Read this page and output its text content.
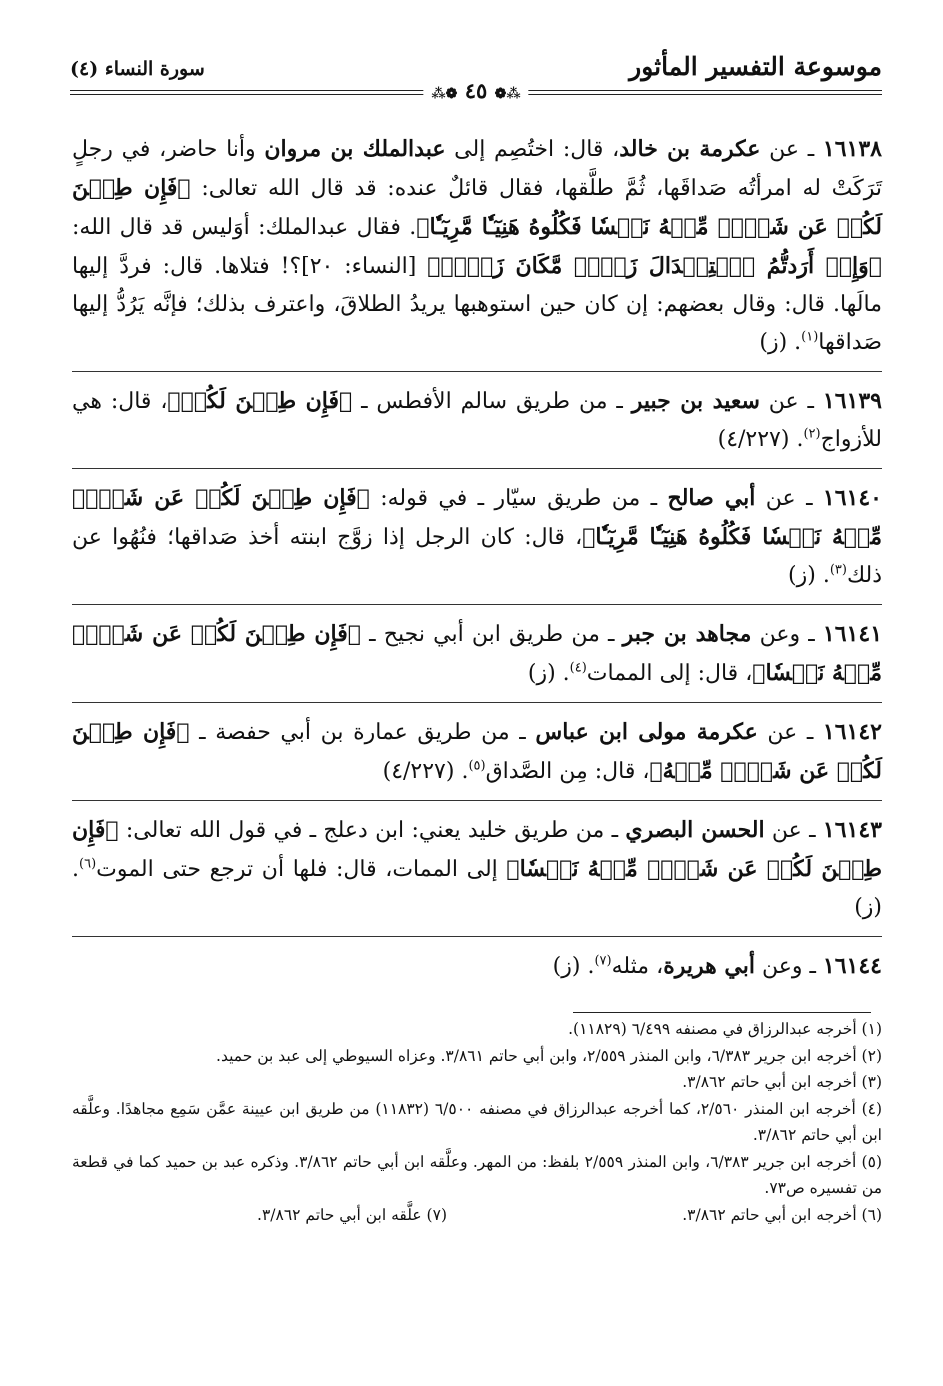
موسوعة التفسير المأثور
سورة النساء (٤)
⁂❁ ٤٥ ❁⁂

١٦١٣٨ ـ عن عكرمة بن خالد، قال: اختُصِم إلى عبدالملك بن مروان وأنا حاضر، في رجلٍ تَرَكَتْ له امرأتُه صَداقَها، ثُمَّ طلَّقها، فقال قائلٌ عنده: قد قال الله تعالى: ﴿فَإِن طِبۡنَ لَكُمۡ عَن شَيۡءٖ مِّنۡهُ نَفۡسٗا فَكُلُوهُ هَنِيٓـٔٗا مَّرِيٓـٔٗا﴾. فقال عبدالملك: أوَليس قد قال الله: ﴿وَإِنۡ أَرَدتُّمُ ٱسۡتِبۡدَالَ زَوۡجٖ مَّكَانَ زَوۡجٖ﴾ [النساء: ٢٠]؟! فتلاها. قال: فردَّ إليها مالَها. قال: وقال بعضهم: إن كان حين استوهبها يريدُ الطلاقَ، واعترف بذلك؛ فإنَّه يَرُدُّ إليها صَداقها$^{(١)}$. (ز)

١٦١٣٩ ـ عن سعيد بن جبير ـ من طريق سالم الأفطس ـ ﴿فَإِن طِبۡنَ لَكُمۡ﴾، قال: هي للأزواج$^{(٢)}$. (٤/٢٢٧)

١٦١٤٠ ـ عن أبي صالح ـ من طريق سيّار ـ في قوله: ﴿فَإِن طِبۡنَ لَكُمۡ عَن شَيۡءٖ مِّنۡهُ نَفۡسٗا فَكُلُوهُ هَنِيٓـٔٗا مَّرِيٓـٔٗا﴾، قال: كان الرجل إذا زوَّج ابنته أخذ صَداقها؛ فنُهُوا عن ذلك$^{(٣)}$. (ز)

١٦١٤١ ـ وعن مجاهد بن جبر ـ من طريق ابن أبي نجيح ـ ﴿فَإِن طِبۡنَ لَكُمۡ عَن شَيۡءٖ مِّنۡهُ نَفۡسٗا﴾، قال: إلى الممات$^{(٤)}$. (ز)

١٦١٤٢ ـ عن عكرمة مولى ابن عباس ـ من طريق عمارة بن أبي حفصة ـ ﴿فَإِن طِبۡنَ لَكُمۡ عَن شَيۡءٖ مِّنۡهُ﴾، قال: مِن الصَّداق$^{(٥)}$. (٤/٢٢٧)

١٦١٤٣ ـ عن الحسن البصري ـ من طريق خليد يعني: ابن دعلج ـ في قول الله تعالى: ﴿فَإِن طِبۡنَ لَكُمۡ عَن شَيۡءٖ مِّنۡهُ نَفۡسٗا﴾ إلى الممات، قال: فلها أن ترجع حتى الموت$^{(٦)}$. (ز)

١٦١٤٤ ـ وعن أبي هريرة، مثله$^{(٧)}$. (ز)

(١) أخرجه عبدالرزاق في مصنفه ٦/٤٩٩ (١١٨٢٩).

(٢) أخرجه ابن جرير ٦/٣٨٣، وابن المنذر ٢/٥٥٩، وابن أبي حاتم ٣/٨٦١. وعزاه السيوطي إلى عبد بن حميد.

(٣) أخرجه ابن أبي حاتم ٣/٨٦٢.

(٤) أخرجه ابن المنذر ٢/٥٦٠، كما أخرجه عبدالرزاق في مصنفه ٦/٥٠٠ (١١٨٣٢) من طريق ابن عيينة عمَّن سَمِع مجاهدًا. وعلَّقه ابن أبي حاتم ٣/٨٦٢.

(٥) أخرجه ابن جرير ٦/٣٨٣، وابن المنذر ٢/٥٥٩ بلفظ: من المهر. وعلَّقه ابن أبي حاتم ٣/٨٦٢. وذكره عبد بن حميد كما في قطعة من تفسيره ص٧٣.

(٦) أخرجه ابن أبي حاتم ٣/٨٦٢.
(٧) علَّقه ابن أبي حاتم ٣/٨٦٢.
